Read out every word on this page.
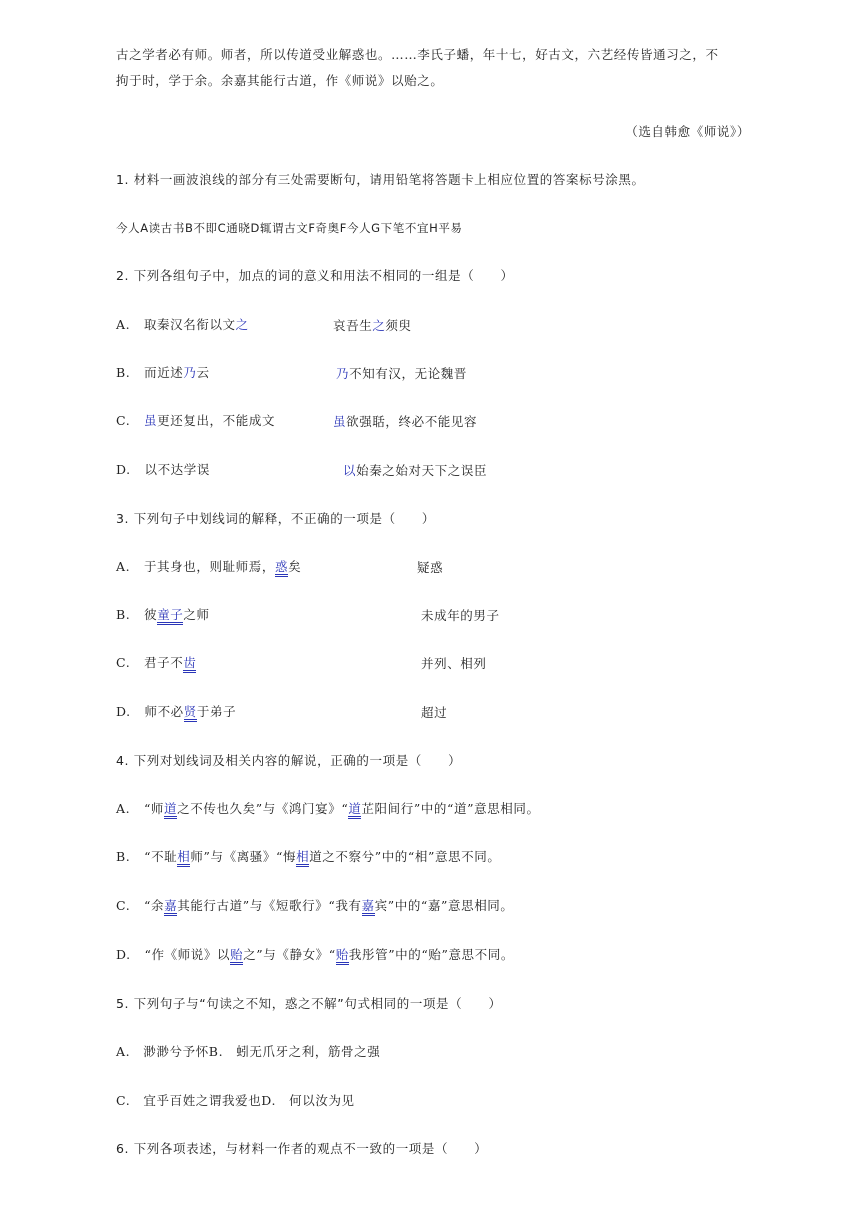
古之学者必有师。师者，所以传道受业解惑也。……李氏子蟠，年十七，好古文，六艺经传皆通习之，不
拘于时，学于余。余嘉其能行古道，作《师说》以贻之。
（选自韩愈《师说》）
1. 材料一画波浪线的部分有三处需要断句，请用铅笔将答题卡上相应位置的答案标号涂黑。
今人A读古书B不即C通晓D辄谓古文F奇奥F今人G下笔不宜H平易
2. 下列各组句子中，加点的词的意义和用法不相同的一组是（　　）
A. 取秦汉名衔以文之	哀吾生之须臾
B. 而近述乃云	乃不知有汉，无论魏晋
C. 虽更还复出，不能成文	虽欲强聒，终必不能见容
D. 以不达学误	以始秦之始对天下之误臣
3. 下列句子中划线词的解释，不正确的一项是（　　）
A. 于其身也，则耻师焉，惑矣	疑惑
B. 彼童子之师	未成年的男子
C. 君子不齿	并列、相列
D. 师不必贤于弟子	超过
4. 下列对划线词及相关内容的解说，正确的一项是（　　）
A. “师道之不传也久矣”与《鸿门宴》“道芷阳间行”中的“道”意思相同。
B. “不耻相师”与《离骚》“悔相道之不察兮”中的“相”意思不同。
C. “余嘉其能行古道”与《短歌行》“我有嘉宾”中的“嘉”意思相同。
D. “作《师说》以贻之”与《静女》“贻我彤管”中的“贻”意思不同。
5. 下列句子与“句读之不知，惑之不解”句式相同的一项是（　　）
A.　渺渺兮予怀B.　蚓无爪牙之利，筋骨之强
C.　宜乎百姓之谓我爱也D.　何以汝为见
6. 下列各项表述，与材料一作者的观点不一致的一项是（　　）
